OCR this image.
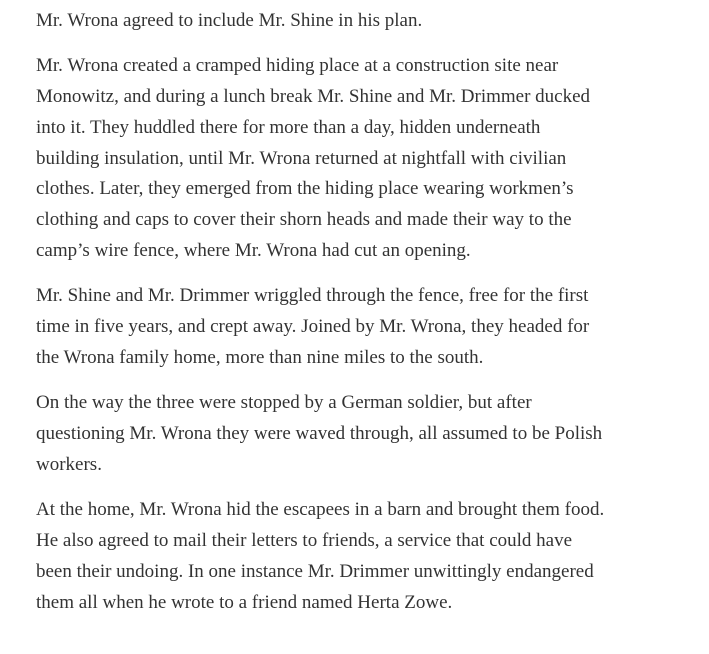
Mr. Wrona agreed to include Mr. Shine in his plan.

Mr. Wrona created a cramped hiding place at a construction site near
Monowitz, and during a lunch break Mr. Shine and Mr. Drimmer ducked
into it. They huddled there for more than a day, hidden underneath
building insulation, until Mr. Wrona returned at nightfall with civilian
clothes. Later, they emerged from the hiding place wearing workmen’s
clothing and caps to cover their shorn heads and made their way to the
camp’s wire fence, where Mr. Wrona had cut an opening.

Mr. Shine and Mr. Drimmer wriggled through the fence, free for the first
time in five years, and crept away. Joined by Mr. Wrona, they headed for
the Wrona family home, more than nine miles to the south.

On the way the three were stopped by a German soldier, but after
questioning Mr. Wrona they were waved through, all assumed to be Polish
workers.

At the home, Mr. Wrona hid the escapees in a barn and brought them food.
He also agreed to mail their letters to friends, a service that could have
been their undoing. In one instance Mr. Drimmer unwittingly endangered
them all when he wrote to a friend named Herta Zowe.
